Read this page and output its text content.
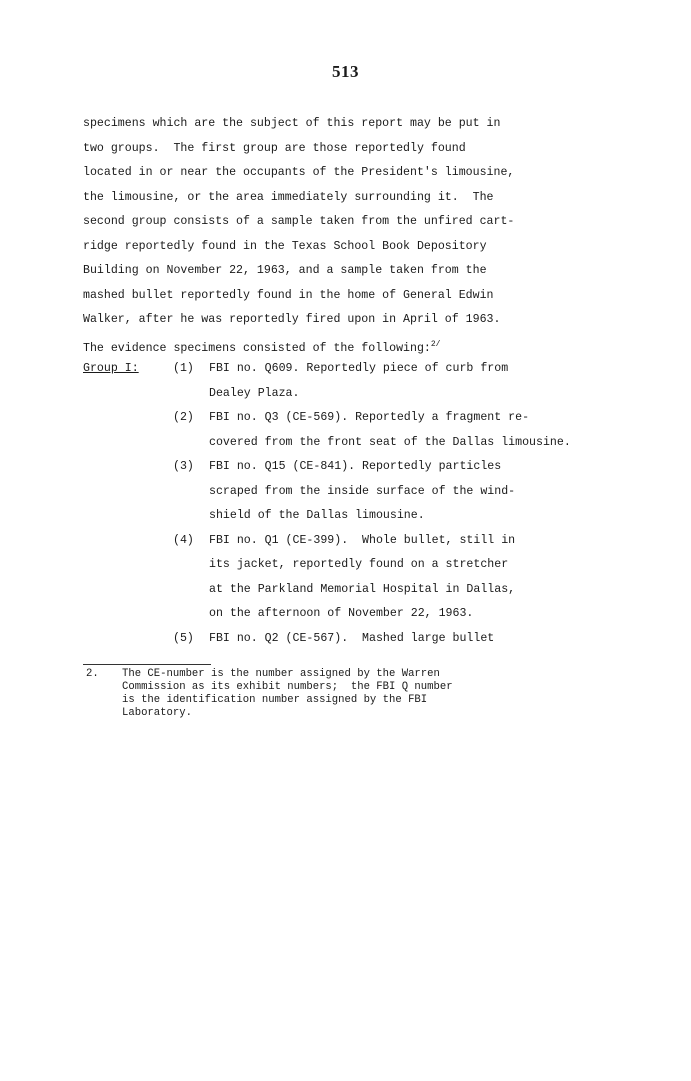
513
specimens which are the subject of this report may be put in
two groups.  The first group are those reportedly found
located in or near the occupants of the President's limousine,
the limousine, or the area immediately surrounding it.  The
second group consists of a sample taken from the unfired cart-
ridge reportedly found in the Texas School Book Depository
Building on November 22, 1963, and a sample taken from the
mashed bullet reportedly found in the home of General Edwin
Walker, after he was reportedly fired upon in April of 1963.
The evidence specimens consisted of the following:$^{2/}$
Group I:	(1) FBI no. Q609. Reportedly piece of curb from
Dealey Plaza.
(2) FBI no. Q3 (CE-569). Reportedly a fragment re-
covered from the front seat of the Dallas limousine.
(3) FBI no. Q15 (CE-841). Reportedly particles
scraped from the inside surface of the wind-
shield of the Dallas limousine.
(4) FBI no. Q1 (CE-399).  Whole bullet, still in
its jacket, reportedly found on a stretcher
at the Parkland Memorial Hospital in Dallas,
on the afternoon of November 22, 1963.
(5) FBI no. Q2 (CE-567).  Mashed large bullet
2. The CE-number is the number assigned by the Warren
Commission as its exhibit numbers;  the FBI Q number
is the identification number assigned by the FBI
Laboratory.
